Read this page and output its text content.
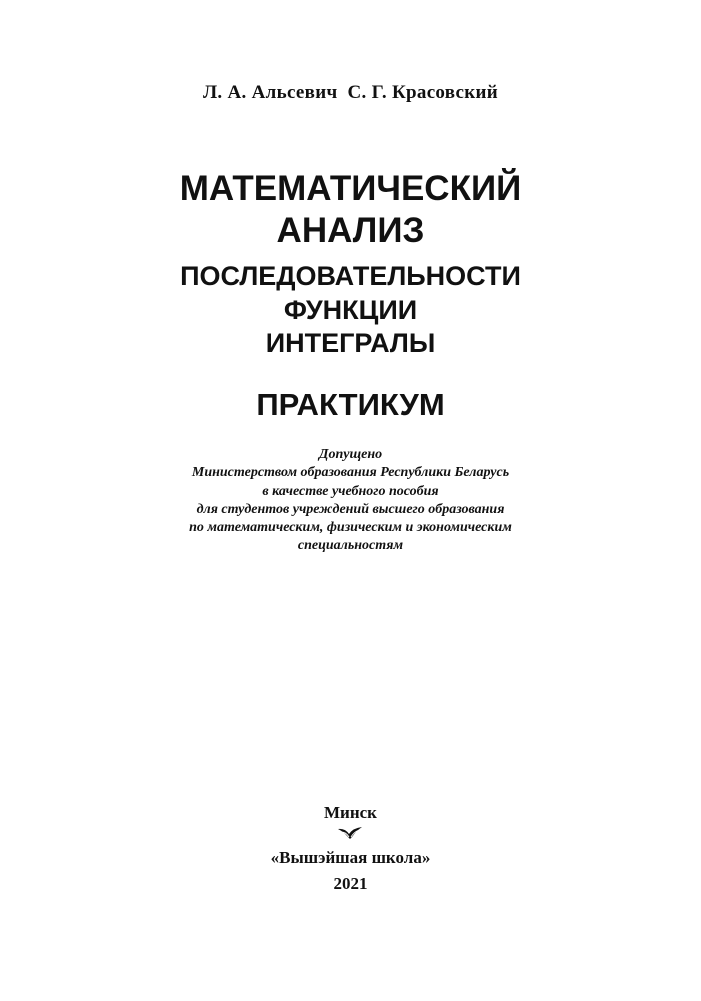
Л. А. Альсевич С. Г. Красовский
МАТЕМАТИЧЕСКИЙ
АНАЛИЗ
ПОСЛЕДОВАТЕЛЬНОСТИ
ФУНКЦИИ
ИНТЕГРАЛЫ
ПРАКТИКУМ
Допущено
Министерством образования Республики Беларусь
в качестве учебного пособия
для студентов учреждений высшего образования
по математическим, физическим и экономическим
специальностям
Минск
«Вышэйшая школа»
2021
